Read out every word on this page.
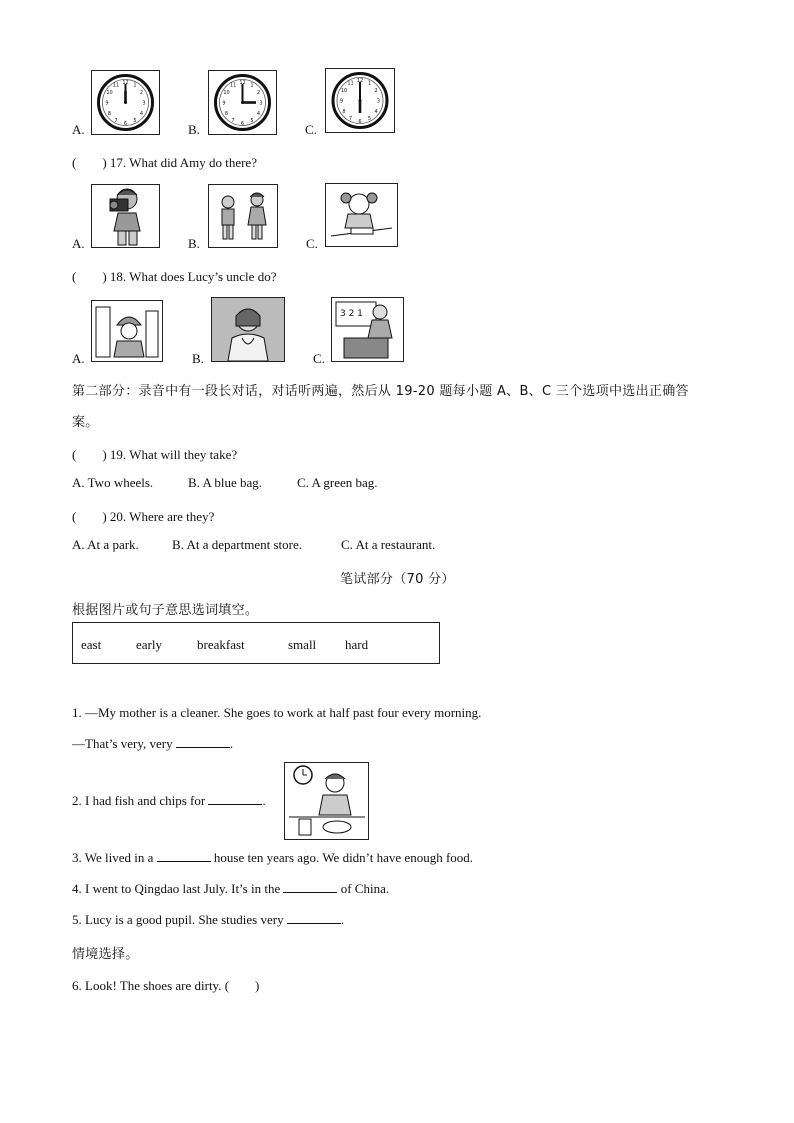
A.
12
3
6
9
1
2
4
5
7
8
10
11
B.
12
3
6
9
1
2
4
5
7
8
10
11
C.
12
3
6
9
1
2
4
5
7
8
10
11
(　　) 17. What did Amy do there?
A.	B.	C.
(　　) 18. What does Lucy’s uncle do?
A.	B.	C.
3 2 1
第二部分：录音中有一段长对话，对话听两遍，然后从 19-20 题每小题 A、B、C 三个选项中选出正确答
案。
(　　) 19. What will they take?
A. Two wheels.	B. A blue bag.	C. A green bag.
(　　) 20. Where are they?
A. At a park.	B. At a department store.	C. At a restaurant.
笔试部分（70 分）
根据图片或句子意思选词填空。
east	early	breakfast	small hard
1. —My mother is a cleaner. She goes to work at half past four every morning.
—That’s very, very	.
2. I had fish and chips for	.
3. We lived in a	house ten years ago. We didn’t have enough food.
4. I went to Qingdao last July. It’s in the	of China.
5. Lucy is a good pupil. She studies very	.
情境选择。
6. Look! The shoes are dirty. (　　)
